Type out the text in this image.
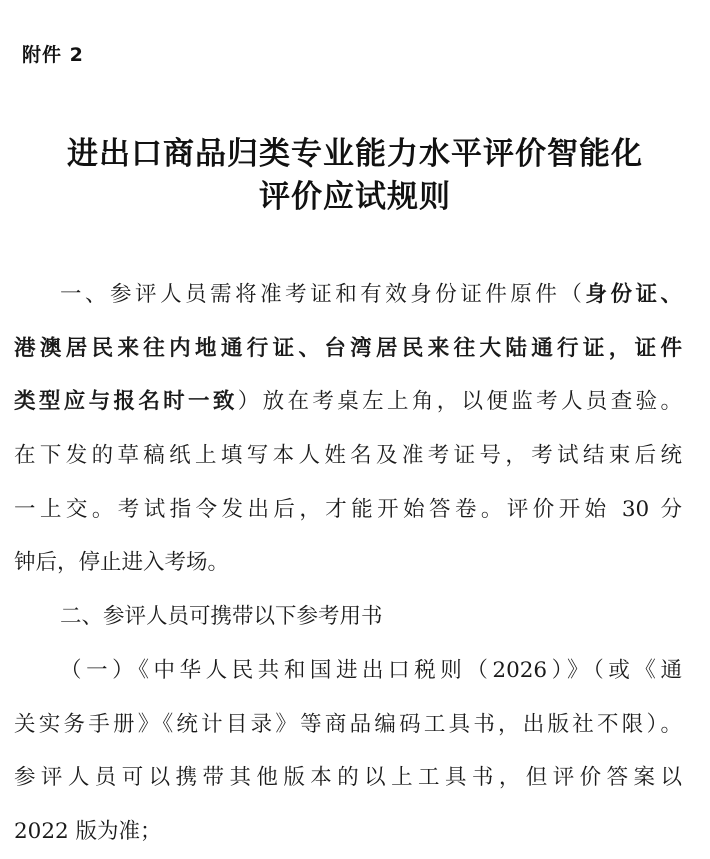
附件 2
进出口商品归类专业能力水平评价智能化
评价应试规则
一、参评人员需将准考证和有效身份证件原件（身份证、
港澳居民来往内地通行证、台湾居民来往大陆通行证，证件
类型应与报名时一致）放在考桌左上角，以便监考人员查验。
在下发的草稿纸上填写本人姓名及准考证号，考试结束后统
一上交。考试指令发出后，才能开始答卷。评价开始 30 分
钟后，停止进入考场。
二、参评人员可携带以下参考用书
（一）《中华人民共和国进出口税则（2026）》（或《通
关实务手册》《统计目录》等商品编码工具书，出版社不限）。
参评人员可以携带其他版本的以上工具书，但评价答案以
2022 版为准；
